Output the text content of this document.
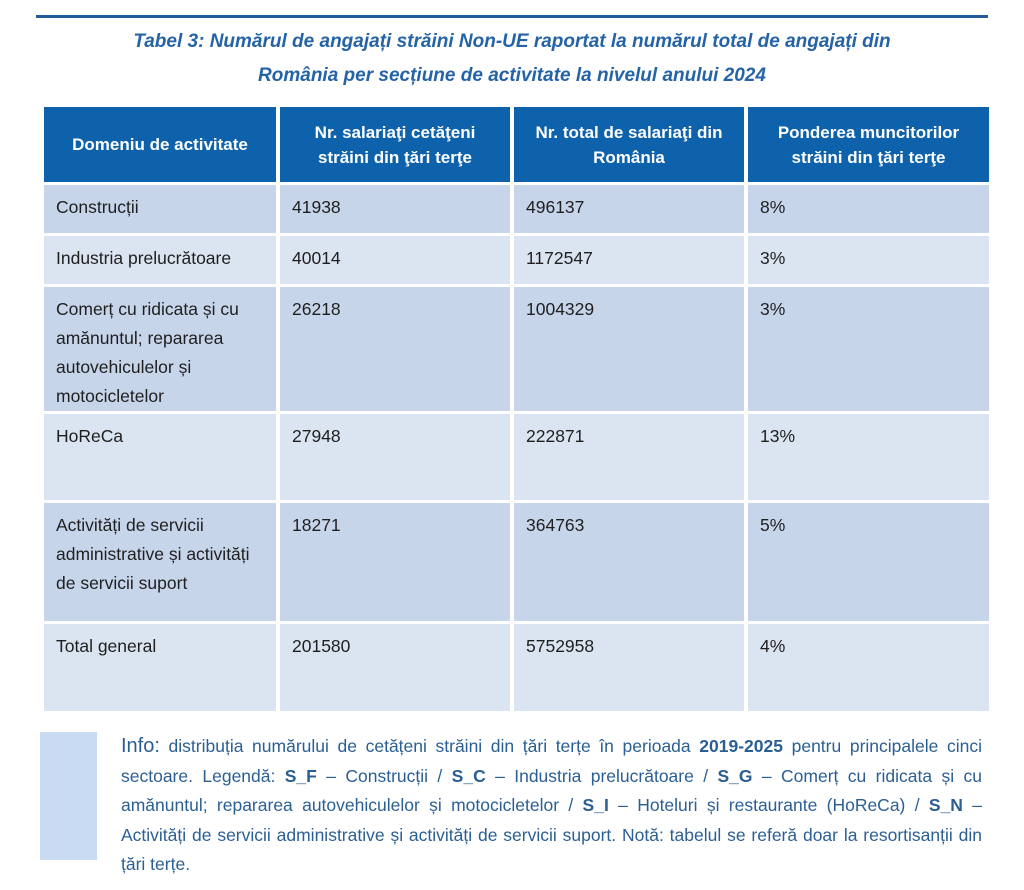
Tabel 3: Numărul de angajați străini Non-UE raportat la numărul total de angajați din
România per secțiune de activitate la nivelul anului 2024
Domeniu de activitate	Nr. salariaţi cetăţeni străini din ţări terţe	Nr. total de salariaţi din România	Ponderea muncitorilor străini din ţări terţe
Construcții	41938	496137	8%
Industria prelucrătoare	40014	1172547	3%
Comerț cu ridicata și cu amănuntul; repararea autovehiculelor și motocicletelor	26218	1004329	3%
HoReCa	27948	222871	13%
Activități de servicii administrative și activități de servicii suport	18271	364763	5%
Total general	201580	5752958	4%

Info: distribuția numărului de cetățeni străini din țări terțe în perioada 2019-2025 pentru principalele cinci sectoare. Legendă: S_F – Construcții / S_C – Industria prelucrătoare / S_G – Comerț cu ridicata și cu amănuntul; repararea autovehiculelor și motocicletelor / S_I – Hoteluri și restaurante (HoReCa) / S_N – Activități de servicii administrative și activități de servicii suport. Notă: tabelul se referă doar la resortisanții din țări terțe.
